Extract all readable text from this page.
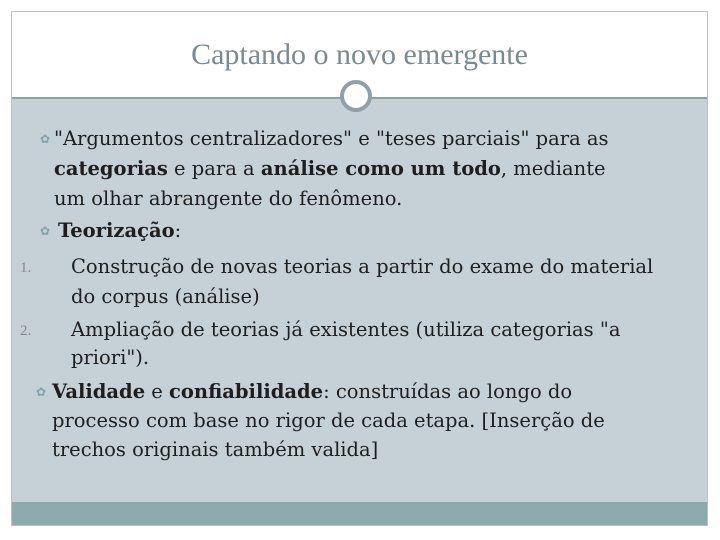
Captando o novo emergente
✿ "Argumentos centralizadores" e "teses parciais" para as
categorias e para a análise como um todo, mediante
um olhar abrangente do fenômeno.
✿ Teorização:
1. Construção de novas teorias a partir do exame do material
do corpus (análise)
2. Ampliação de teorias já existentes (utiliza categorias "a
priori").
✿ Validade e confiabilidade: construídas ao longo do
processo com base no rigor de cada etapa. [Inserção de
trechos originais também valida]
